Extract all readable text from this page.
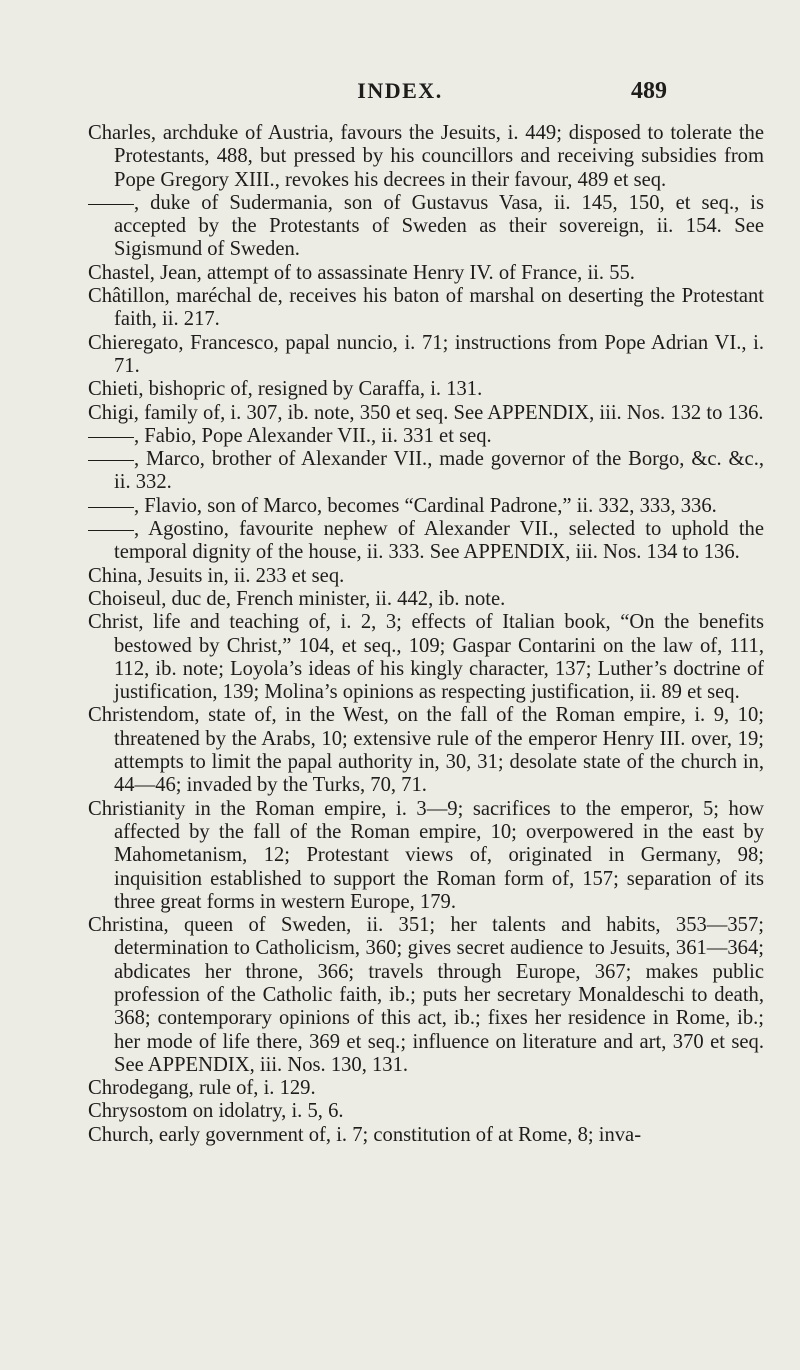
INDEX.	489

Charles, archduke of Austria, favours the Jesuits, i. 449; disposed to tolerate the Protestants, 488, but pressed by his councillors and receiving subsidies from Pope Gregory XIII., revokes his decrees in their favour, 489 et seq.

, duke of Sudermania, son of Gustavus Vasa, ii. 145, 150, et seq., is accepted by the Protestants of Sweden as their sovereign, ii. 154. See Sigismund of Sweden.

Chastel, Jean, attempt of to assassinate Henry IV. of France, ii. 55.

Châtillon, maréchal de, receives his baton of marshal on deserting the Protestant faith, ii. 217.

Chieregato, Francesco, papal nuncio, i. 71; instructions from Pope Adrian VI., i. 71.

Chieti, bishopric of, resigned by Caraffa, i. 131.

Chigi, family of, i. 307, ib. note, 350 et seq. See APPENDIX, iii. Nos. 132 to 136.

, Fabio, Pope Alexander VII., ii. 331 et seq.

, Marco, brother of Alexander VII., made governor of the Borgo, &c. &c., ii. 332.

, Flavio, son of Marco, becomes “Cardinal Padrone,” ii. 332, 333, 336.

, Agostino, favourite nephew of Alexander VII., selected to uphold the temporal dignity of the house, ii. 333. See APPENDIX, iii. Nos. 134 to 136.

China, Jesuits in, ii. 233 et seq.

Choiseul, duc de, French minister, ii. 442, ib. note.

Christ, life and teaching of, i. 2, 3; effects of Italian book, “On the benefits bestowed by Christ,” 104, et seq., 109; Gaspar Contarini on the law of, 111, 112, ib. note; Loyola’s ideas of his kingly character, 137; Luther’s doctrine of justification, 139; Molina’s opinions as respecting justification, ii. 89 et seq.

Christendom, state of, in the West, on the fall of the Roman empire, i. 9, 10; threatened by the Arabs, 10; extensive rule of the emperor Henry III. over, 19; attempts to limit the papal authority in, 30, 31; desolate state of the church in, 44—46; invaded by the Turks, 70, 71.

Christianity in the Roman empire, i. 3—9; sacrifices to the emperor, 5; how affected by the fall of the Roman empire, 10; overpowered in the east by Mahometanism, 12; Protestant views of, originated in Germany, 98; inquisition established to support the Roman form of, 157; separation of its three great forms in western Europe, 179.

Christina, queen of Sweden, ii. 351; her talents and habits, 353—357; determination to Catholicism, 360; gives secret audience to Jesuits, 361—364; abdicates her throne, 366; travels through Europe, 367; makes public profession of the Catholic faith, ib.; puts her secretary Monaldeschi to death, 368; contemporary opinions of this act, ib.; fixes her residence in Rome, ib.; her mode of life there, 369 et seq.; influence on literature and art, 370 et seq. See APPENDIX, iii. Nos. 130, 131.

Chrodegang, rule of, i. 129.

Chrysostom on idolatry, i. 5, 6.

Church, early government of, i. 7; constitution of at Rome, 8; inva-
